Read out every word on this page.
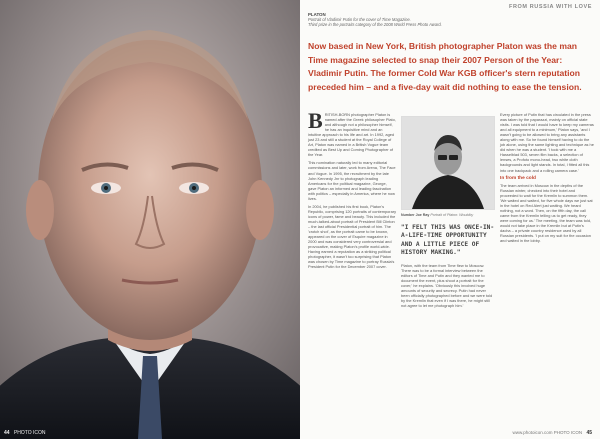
44 PHOTO ICON
FROM RUSSIA WITH LOVE
PLATON
Portrait of Vladimir Putin for the cover of Time Magazine.
Third prize in the portraits category of the 2008 World Press Photo Award.
Now based in New York, British photographer Platon was the man Time magazine selected to snap their 2007 Person of the Year: Vladimir Putin. The former Cold War KGB officer's stern reputation preceded him – and a five-day wait did nothing to ease the tension.

BRITISH-BORN photographer Platon is named after the Greek philosopher Plato, and although not a philosopher himself, he has an inquisitive mind and an intuitive approach to his life and art. In 1992, aged just 23 and still a student at the Royal College of Art, Platon was named in a British Vogue team credited as Best Up and Coming Photographer of the Year.

This nomination naturally led to many editorial commissions and later, work from Arena, The Face and Vogue. In 1995, the recruitment by the late John Kennedy Jnr to photograph leading Americans for the political magazine, George, gave Platon an informed and leading fascination with politics – especially in America, where he now lives.

In 2004, he published his first book, Platon's Republic, comprising 120 portraits of contemporary icons of power, fame and beauty. This included the much-talked-about portrait of President Bill Clinton – the last official Presidential portrait of him. The 'crotch shot', as the portrait came to be known, appeared on the cover of Esquire magazine in 2000 and was considered very controversial and provocative, making Platon's profile world-wide. Having earned a reputation as a striking political photographer, it wasn't too surprising that Platon was chosen by Time magazine to portray Russia's President Putin for the December 2007 cover.

Number Joe Ray Portrait of Platon: Wouldby
"I FELT THIS WAS ONCE-IN-A-LIFE-TIME OPPORTUNITY AND A LITTLE PIECE OF HISTORY MAKING."

Platon, with the team from Time flew to Moscow. There was to be a formal interview between the editors of Time and Putin and they wanted me to document the event, plus shoot a portrait for the cover,' he explains. 'Obviously this involved huge amounts of security and secrecy. Putin had never been officially photographed before and we were told by the Kremlin that even if I was there, he might still not agree to let me photograph him.'

Every picture of Putin that has circulated in the press was taken by the paparazzi, mainly on official state visits. I was told that I would have to keep my cameras and all equipment to a minimum,' Platon says, 'and I wasn't going to be allowed to bring any assistants along with me. So he found himself having to do the job alone, using the same lighting and technique as he did when he was a student. 'I took with me a Hasselblad 503, seven film backs, a selection of lenses, a Profoto mono-head, two white cloth backgrounds and light stands. In total, I fitted all this into one backpack and a rolling camera case.'

In from the cold

The team arrived in Moscow in the depths of the Russian winter, checked into their hotel and proceeded to wait for the Kremlin to summon them. 'We waited and waited, for five whole days we just sat in the hotel on Red Alert just waiting. We heard nothing, not a word. Then, on the fifth day, the call came from the Kremlin telling us to get ready, they were coming for us.' The meeting, the team was told, would not take place in the Kremlin but at Putin's dacha – a private country residence used by all Russian presidents. 'I put on my suit for the occasion and waited in the lobby.

www.photoicon.com PHOTO ICON 45
